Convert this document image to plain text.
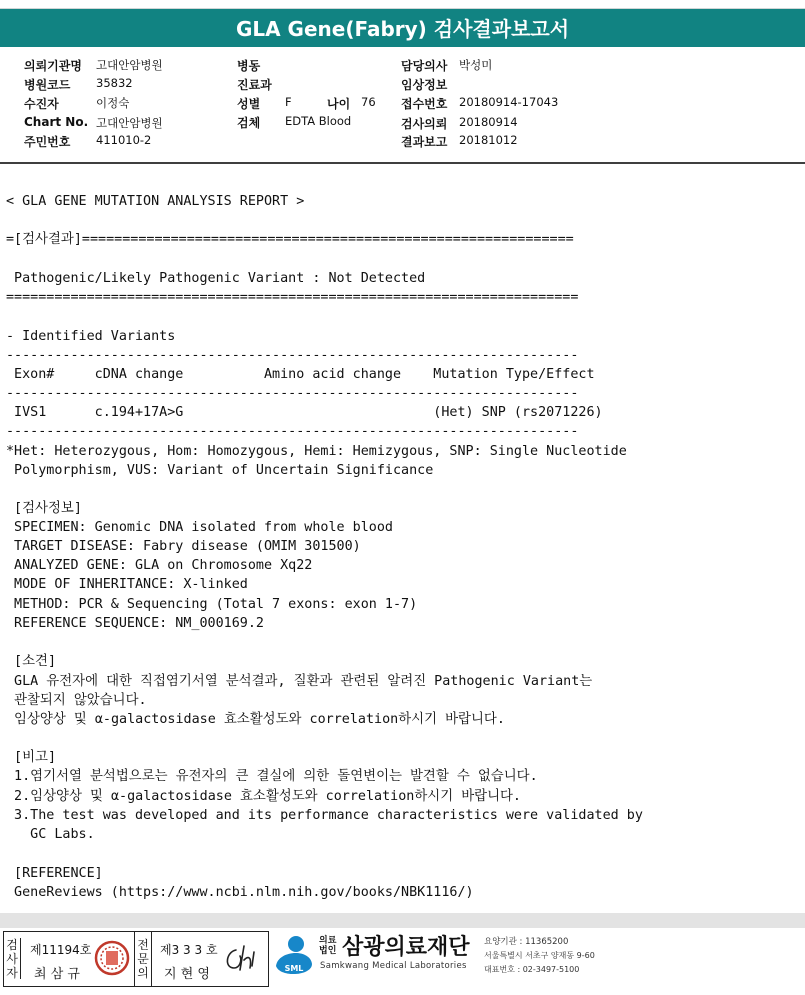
GLA Gene(Fabry) 검사결과보고서
의뢰기관명 고대안암병원
병원코드 35832
수진자	이정숙
Chart No. 고대안암병원
주민번호 411010-2
병동
진료과
성별 F	나이 76
검체 EDTA Blood
담당의사 박성미
임상정보
접수번호 20180914-17043
검사의뢰 20180914
결과보고 20181012
< GLA GENE MUTATION ANALYSIS REPORT >
=[검사결과]=============================================================
Pathogenic/Likely Pathogenic Variant : Not Detected
=======================================================================
- Identified Variants
-----------------------------------------------------------------------
Exon#     cDNA change          Amino acid change    Mutation Type/Effect
-----------------------------------------------------------------------
IVS1      c.194+17A>G                               (Het) SNP (rs2071226)
-----------------------------------------------------------------------
*Het: Heterozygous, Hom: Homozygous, Hemi: Hemizygous, SNP: Single Nucleotide
Polymorphism, VUS: Variant of Uncertain Significance
[검사정보]
SPECIMEN: Genomic DNA isolated from whole blood
TARGET DISEASE: Fabry disease (OMIM 301500)
ANALYZED GENE: GLA on Chromosome Xq22
MODE OF INHERITANCE: X-linked
METHOD: PCR & Sequencing (Total 7 exons: exon 1-7)
REFERENCE SEQUENCE: NM_000169.2
[소견]
GLA 유전자에 대한 직접염기서열 분석결과, 질환과 관련된 알려진 Pathogenic Variant는
관찰되지 않았습니다.
임상양상 및 α-galactosidase 효소활성도와 correlation하시기 바랍니다.
[비고]
1.염기서열 분석법으로는 유전자의 큰 결실에 의한 돌연변이는 발견할 수 없습니다.
2.임상양상 및 α-galactosidase 효소활성도와 correlation하시기 바랍니다.
3.The test was developed and its performance characteristics were validated by
GC Labs.
[REFERENCE]
GeneReviews (https://www.ncbi.nlm.nih.gov/books/NBK1116/)
검사자
제11194호
최 삼 규
전문의
제3 3 3 호
지 현 영	SML
의료법인 삼광의료재단
Samkwang Medical Laboratories
요양기관 : 11365200
서울특별시 서초구 양재동 9-60
대표번호 : 02-3497-5100
